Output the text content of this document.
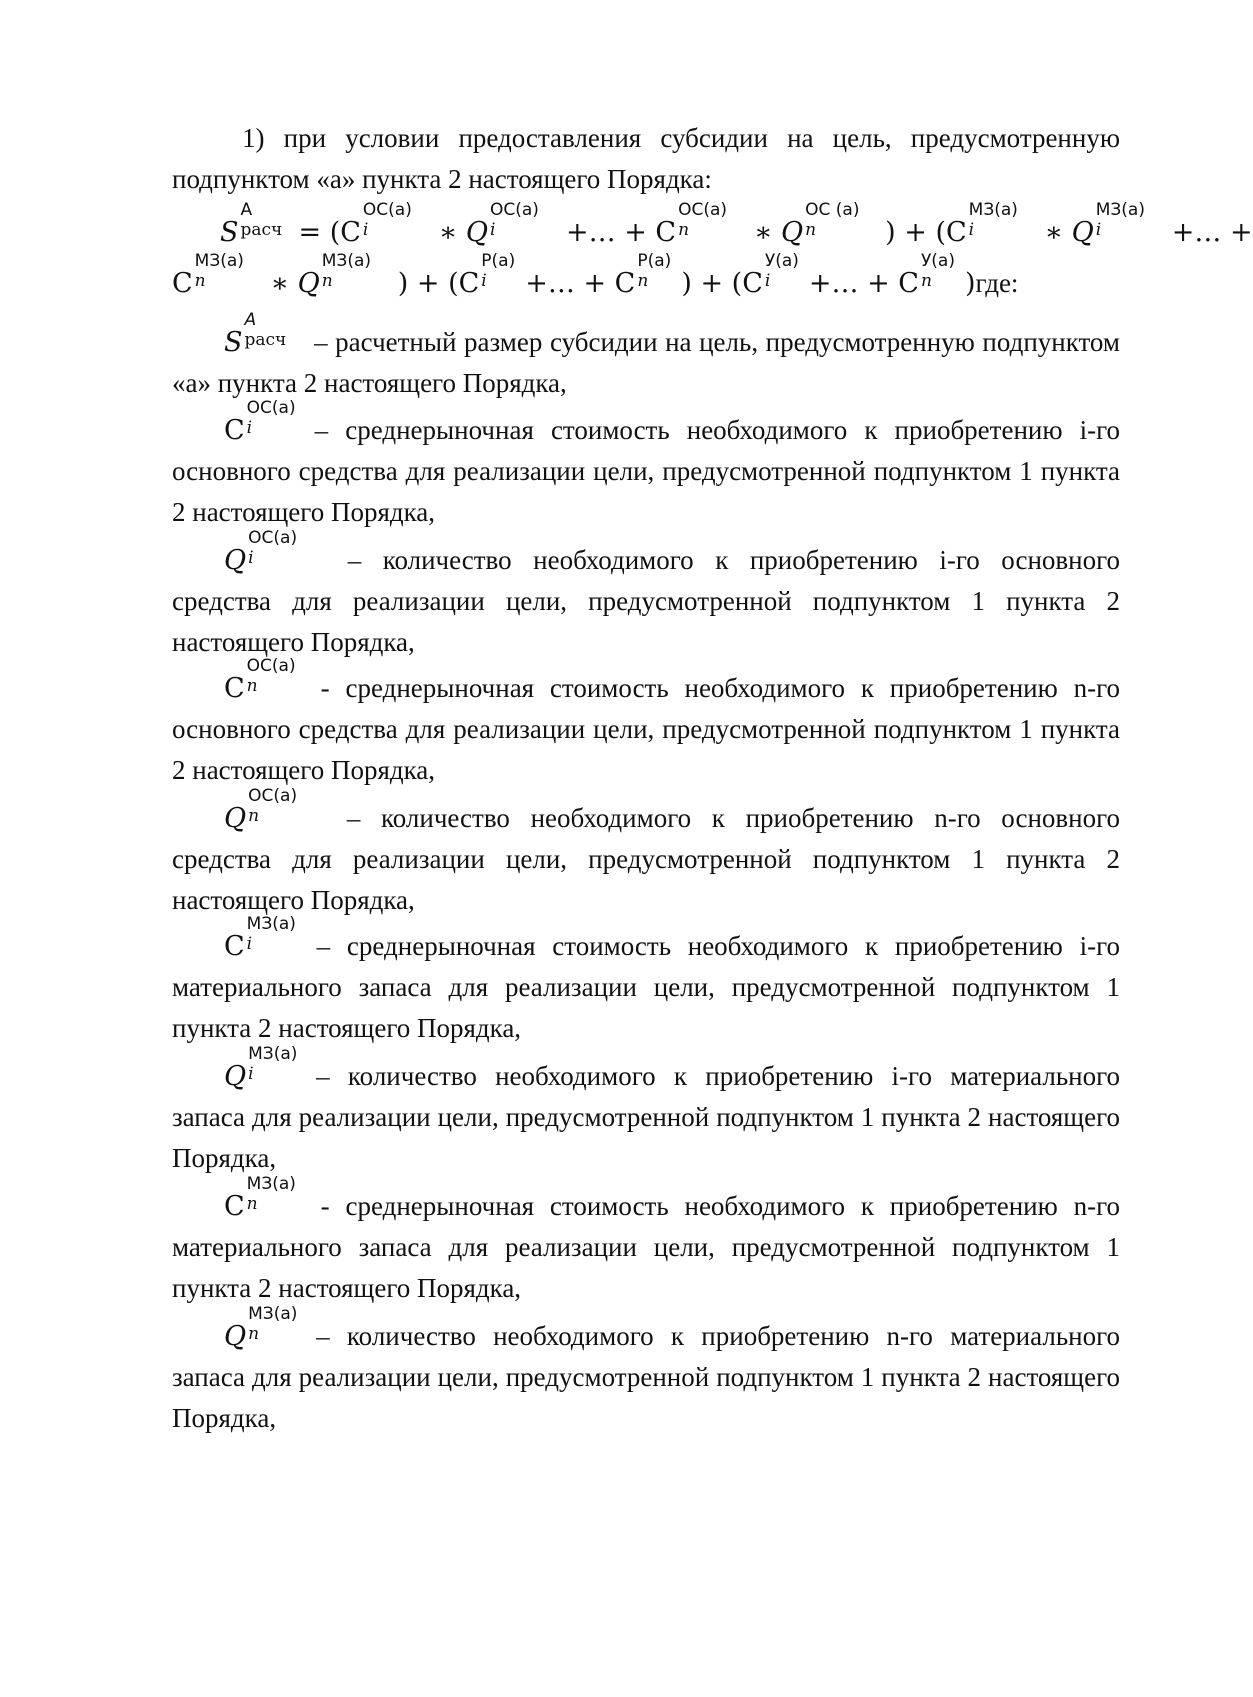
1) при условии предоставления субсидии на цель, предусмотренную подпунктом «а» пункта 2 настоящего Порядка:
S
А
расч = (С
ОС(а)
i	∗ Q
ОС(а)
i	+… + С
ОС(а)
n ∗ Q
ОС (а)
n	) + (С
МЗ(а)
i	∗ Q
МЗ(а)
i	+… +
С
МЗ(а)
n ∗ Q
МЗ(а)
n ) + (С
Р(а)
i +… + С
Р(а)
n ) + (С
У(а)
i +… + С
У(а)
n )где:
S
A
расч – расчетный размер субсидии на цель, предусмотренную подпунктом «а» пункта 2 настоящего Порядка,
С
ОС(а)
i – среднерыночная стоимость необходимого к приобретению i-го основного средства для реализации цели, предусмотренной подпунктом 1 пункта 2 настоящего Порядка,
Q
ОС(а)
i	– количество необходимого к приобретению i-го основного средства для реализации цели, предусмотренной подпунктом 1 пункта 2 настоящего Порядка,
С
ОС(а)
n - среднерыночная стоимость необходимого к приобретению n-го основного средства для реализации цели, предусмотренной подпунктом 1 пункта 2 настоящего Порядка,
Q
ОС(а)
n	– количество необходимого к приобретению n-го основного средства для реализации цели, предусмотренной подпунктом 1 пункта 2 настоящего Порядка,
С
МЗ(а)
i – среднерыночная стоимость необходимого к приобретению i-го материального запаса для реализации цели, предусмотренной подпунктом 1 пункта 2 настоящего Порядка,
Q
МЗ(а)
i – количество необходимого к приобретению i-го материального запаса для реализации цели, предусмотренной подпунктом 1 пункта 2 настоящего Порядка,
С
МЗ(а)
n - среднерыночная стоимость необходимого к приобретению n-го материального запаса для реализации цели, предусмотренной подпунктом 1 пункта 2 настоящего Порядка,
Q
МЗ(а)
n – количество необходимого к приобретению n-го материального запаса для реализации цели, предусмотренной подпунктом 1 пункта 2 настоящего Порядка,
